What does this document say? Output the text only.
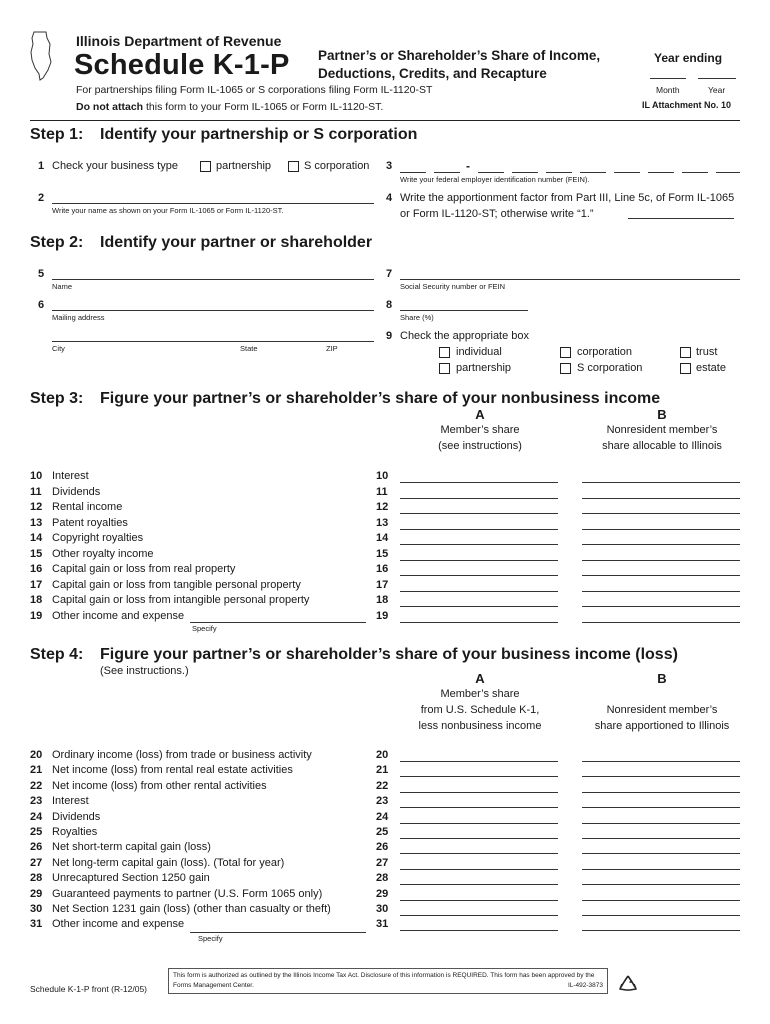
Illinois Department of Revenue
Schedule K-1-P Partner’s or Shareholder’s Share of Income,
Deductions, Credits, and Recapture
For partnerships filing Form IL-1065 or S corporations filing Form IL-1120-ST
Do not attach this form to your Form IL-1065 or Form IL-1120-ST.
Year ending
Month	Year
IL Attachment No. 10
Step 1: Identify your partnership or S corporation
1 Check your business type	partnership	S corporation 3	-
Write your federal employer identification number (FEIN).
2
Write your name as shown on your Form IL-1065 or Form IL-1120-ST.
4 Write the apportionment factor from Part III, Line 5c, of Form IL-1065
or Form IL-1120-ST; otherwise write “1.”
Step 2: Identify your partner or shareholder
5
Name
6
Mailing address
City	State	ZIP
7
Social Security number or FEIN
8
Share (%)
9 Check the appropriate box
individual
partnership
corporation
S corporation
trust
estate
Step 3: Figure your partner’s or shareholder’s share of your nonbusiness income
A	B
Member’s share
(see instructions)
Nonresident member’s
share allocable to Illinois
10 Interest	10
11 Dividends	11
12 Rental income	12
13 Patent royalties	13
14 Copyright royalties	14
15 Other royalty income	15
16 Capital gain or loss from real property	16
17 Capital gain or loss from tangible personal property	17
18 Capital gain or loss from intangible personal property	18
19 Other income and expense	19
Specify
Step 4: Figure your partner’s or shareholder’s share of your business income (loss)
(See instructions.)	A	B
Member’s share
from U.S. Schedule K-1,
less nonbusiness income
Nonresident member’s
share apportioned to Illinois
20 Ordinary income (loss) from trade or business activity	20
21 Net income (loss) from rental real estate activities	21
22 Net income (loss) from other rental activities	22
23 Interest	23
24 Dividends	24
25 Royalties	25
26 Net short-term capital gain (loss)	26
27 Net long-term capital gain (loss). (Total for year)	27
28 Unrecaptured Section 1250 gain	28
29 Guaranteed payments to partner (U.S. Form 1065 only)	29
30 Net Section 1231 gain (loss) (other than casualty or theft)	30
31 Other income and expense	31
Specify
Schedule K-1-P front (R-12/05)
This form is authorized as outlined by the Illinois Income Tax Act. Disclosure of this information is REQUIRED. This form has been approved by the Forms Management Center.	IL-492-3873
